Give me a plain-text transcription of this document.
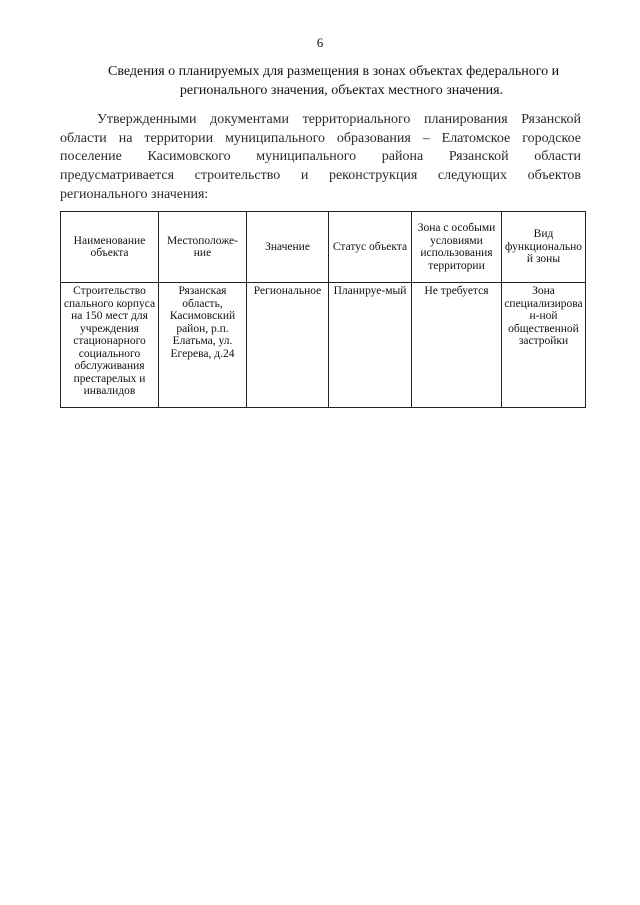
6
Сведения о планируемых для размещения в зонах объектах федерального и
регионального значения, объектах местного значения.
Утвержденными документами территориального планирования Рязанской
области на территории муниципального образования – Елатомское городское
поселение Касимовского муниципального района Рязанской области
предусматривается строительство и реконструкция следующих объектов
регионального значения:
Наименование объекта	Местоположе-ние	Значение	Статус объекта	Зона с особыми условиями использования территории	Вид функциональной зоны

Строительство спального корпуса на 150 мест для учреждения стационарного социального обслуживания престарелых и инвалидов	Рязанская область, Касимовский район, р.п. Елатьма, ул. Егерева, д.24	Региональное	Планируе-мый	Не требуется	Зона специализирован-ной общественной застройки
